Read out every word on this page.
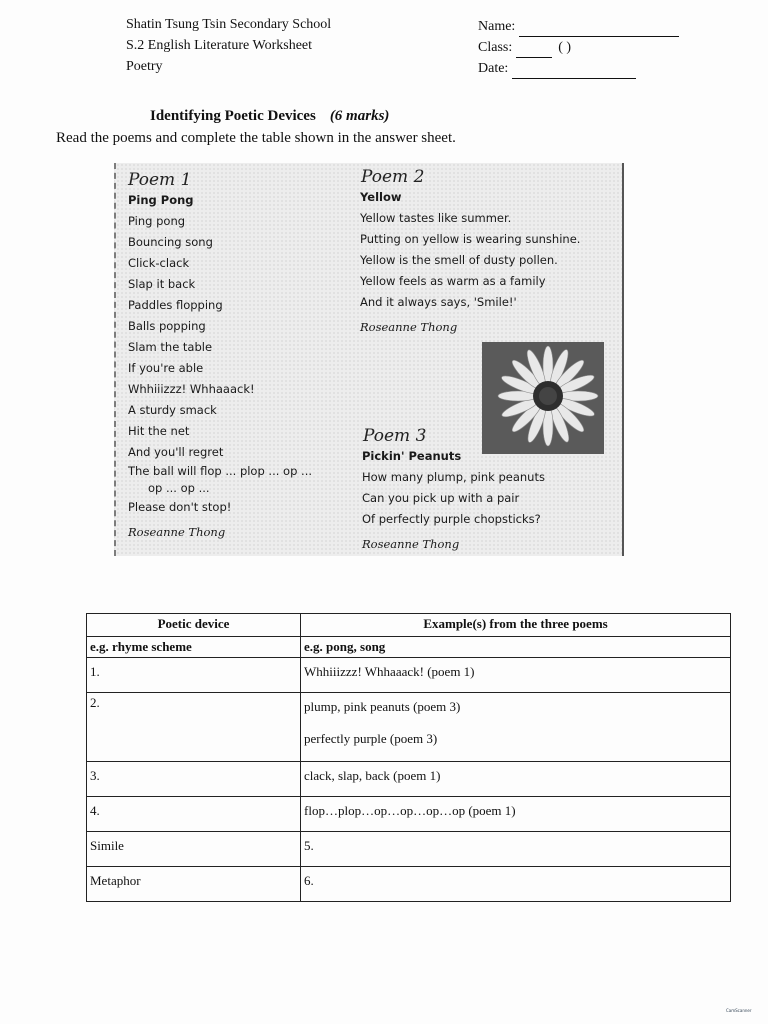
Shatin Tsung Tsin Secondary School
S.2 English Literature Worksheet
Poetry
Name:
Class:	( )
Date:
Identifying Poetic Devices (6 marks)
Read the poems and complete the table shown in the answer sheet.
Poem 1
Ping Pong
Ping pong
Bouncing song
Click-clack
Slap it back
Paddles flopping
Balls popping
Slam the table
If you're able
Whhiiizzz! Whhaaack!
A sturdy smack
Hit the net
And you'll regret
The ball will flop ... plop ... op ...
op ... op ...
Please don't stop!
Roseanne Thong
Poem 2
Yellow
Yellow tastes like summer.
Putting on yellow is wearing sunshine.
Yellow is the smell of dusty pollen.
Yellow feels as warm as a family
And it always says, 'Smile!'
Roseanne Thong
Poem 3
Pickin' Peanuts
How many plump, pink peanuts
Can you pick up with a pair
Of perfectly purple chopsticks?
Roseanne Thong
Poetic device	Example(s) from the three poems
e.g. rhyme scheme	e.g. pong, song
1.	Whhiiizzz! Whhaaack! (poem 1)
2.	plump, pink peanuts (poem 3)
perfectly purple (poem 3)

3.	clack, slap, back (poem 1)
4.	flop…plop…op…op…op…op (poem 1)
Simile	5.
Metaphor	6.
CamScanner
